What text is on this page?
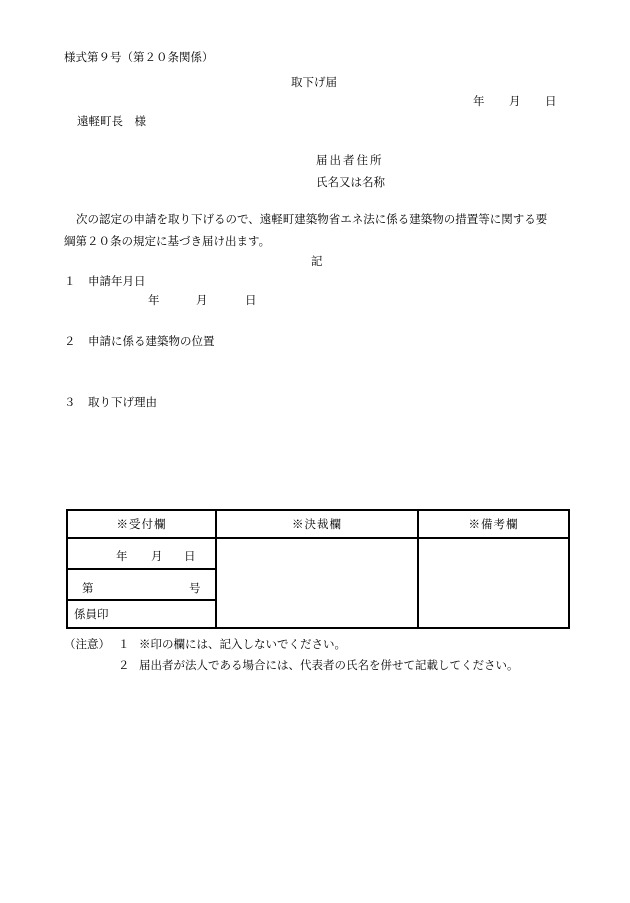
様式第９号（第２０条関係）
取下げ届
年 月 日
遠軽町長　様
届出者住所
氏名又は名称
次の認定の申請を取り下げるので、遠軽町建築物省エネ法に係る建築物の措置等に関する要
綱第２０条の規定に基づき届け出ます。
記
１ 申請年月日
年	月	日
２ 申請に係る建築物の位置
３ 取り下げ理由
※受付欄	※決裁欄	※備考欄

年 月 日		

第 号		

係員印		
（注意） １ ※印の欄には、記入しないでください。
２ 届出者が法人である場合には、代表者の氏名を併せて記載してください。
